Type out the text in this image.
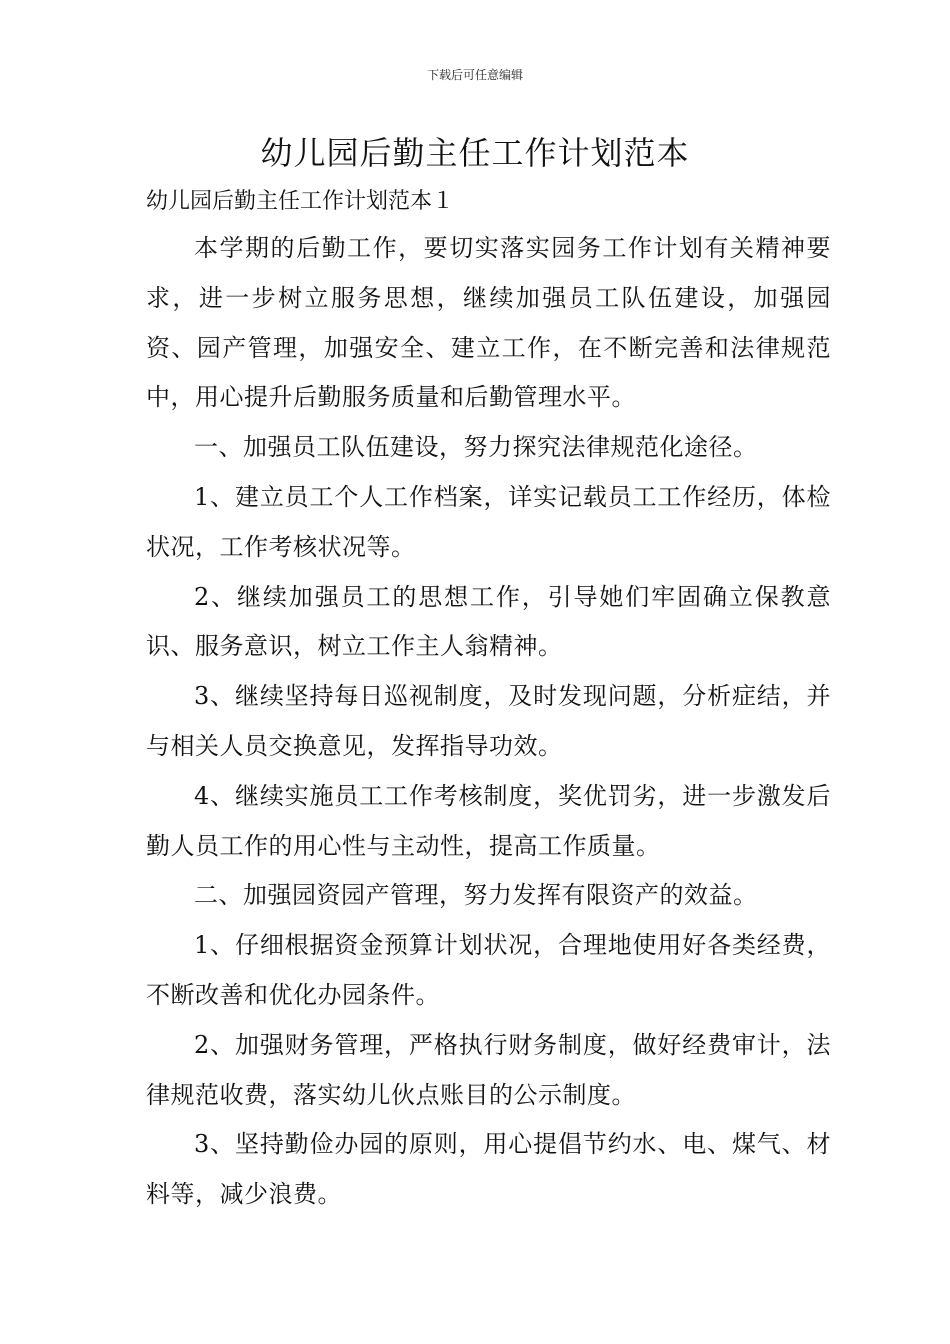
下载后可任意编辑
幼儿园后勤主任工作计划范本
幼儿园后勤主任工作计划范本１

本学期的后勤工作，要切实落实园务工作计划有关精神要求，进一步树立服务思想，继续加强员工队伍建设，加强园资、园产管理，加强安全、建立工作，在不断完善和法律规范中，用心提升后勤服务质量和后勤管理水平。

一、加强员工队伍建设，努力探究法律规范化途径。

1、建立员工个人工作档案，详实记载员工工作经历，体检状况，工作考核状况等。

2、继续加强员工的思想工作，引导她们牢固确立保教意识、服务意识，树立工作主人翁精神。

3、继续坚持每日巡视制度，及时发现问题，分析症结，并与相关人员交换意见，发挥指导功效。

4、继续实施员工工作考核制度，奖优罚劣，进一步激发后勤人员工作的用心性与主动性，提高工作质量。

二、加强园资园产管理，努力发挥有限资产的效益。

1、仔细根据资金预算计划状况，合理地使用好各类经费，不断改善和优化办园条件。

2、加强财务管理，严格执行财务制度，做好经费审计，法律规范收费，落实幼儿伙点账目的公示制度。

3、坚持勤俭办园的原则，用心提倡节约水、电、煤气、材料等，减少浪费。
